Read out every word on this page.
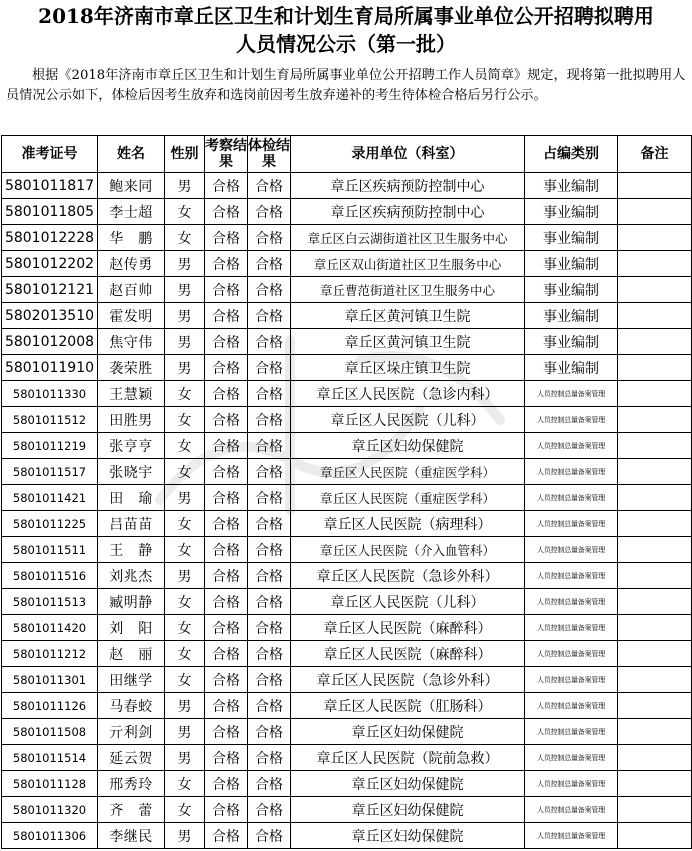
2018年济南市章丘区卫生和计划生育局所属事业单位公开招聘拟聘用
人员情况公示（第一批）
根据《2018年济南市章丘区卫生和计划生育局所属事业单位公开招聘工作人员简章》规定，现将第一批拟聘用人员情况公示如下，体检后因考生放弃和选岗前因考生放弃递补的考生待体检合格后另行公示。
准考证号	姓名	性别	考察结果	体检结果	录用单位（科室）	占编类别	备注
5801011817	鲍来同	男	合格	合格	章丘区疾病预防控制中心	事业编制	
5801011805	李士超	女	合格	合格	章丘区疾病预防控制中心	事业编制	
5801012228	华　鹏	女	合格	合格	章丘区白云湖街道社区卫生服务中心	事业编制	
5801012202	赵传勇	男	合格	合格	章丘区双山街道社区卫生服务中心	事业编制	
5801012121	赵百帅	男	合格	合格	章丘曹范街道社区卫生服务中心	事业编制	
5802013510	霍发明	男	合格	合格	章丘区黄河镇卫生院	事业编制	
5801012008	焦守伟	男	合格	合格	章丘区黄河镇卫生院	事业编制	
5801011910	袭荣胜	男	合格	合格	章丘区垛庄镇卫生院	事业编制	
5801011330	王慧颖	女	合格	合格	章丘区人民医院（急诊内科）	人员控制总量备案管理	
5801011512	田胜男	女	合格	合格	章丘区人民医院（儿科）	人员控制总量备案管理	
5801011219	张亨亨	女	合格	合格	章丘区妇幼保健院	人员控制总量备案管理	
5801011517	张晓宇	女	合格	合格	章丘区人民医院（重症医学科）	人员控制总量备案管理	
5801011421	田　瑜	男	合格	合格	章丘区人民医院（重症医学科）	人员控制总量备案管理	
5801011225	吕苗苗	女	合格	合格	章丘区人民医院（病理科）	人员控制总量备案管理	
5801011511	王　静	女	合格	合格	章丘区人民医院（介入血管科）	人员控制总量备案管理	
5801011516	刘兆杰	男	合格	合格	章丘区人民医院（急诊外科）	人员控制总量备案管理	
5801011513	臧明静	女	合格	合格	章丘区人民医院（儿科）	人员控制总量备案管理	
5801011420	刘　阳	女	合格	合格	章丘区人民医院（麻醉科）	人员控制总量备案管理	
5801011212	赵　丽	女	合格	合格	章丘区人民医院（麻醉科）	人员控制总量备案管理	
5801011301	田继学	女	合格	合格	章丘区人民医院（急诊外科）	人员控制总量备案管理	
5801011126	马春蛟	男	合格	合格	章丘区人民医院（肛肠科）	人员控制总量备案管理	
5801011508	亓利剑	男	合格	合格	章丘区妇幼保健院	人员控制总量备案管理	
5801011514	延云贺	男	合格	合格	章丘区人民医院（院前急救）	人员控制总量备案管理	
5801011128	邢秀玲	女	合格	合格	章丘区妇幼保健院	人员控制总量备案管理	
5801011320	齐　蕾	女	合格	合格	章丘区妇幼保健院	人员控制总量备案管理	
5801011306	李继民	男	合格	合格	章丘区妇幼保健院	人员控制总量备案管理	
